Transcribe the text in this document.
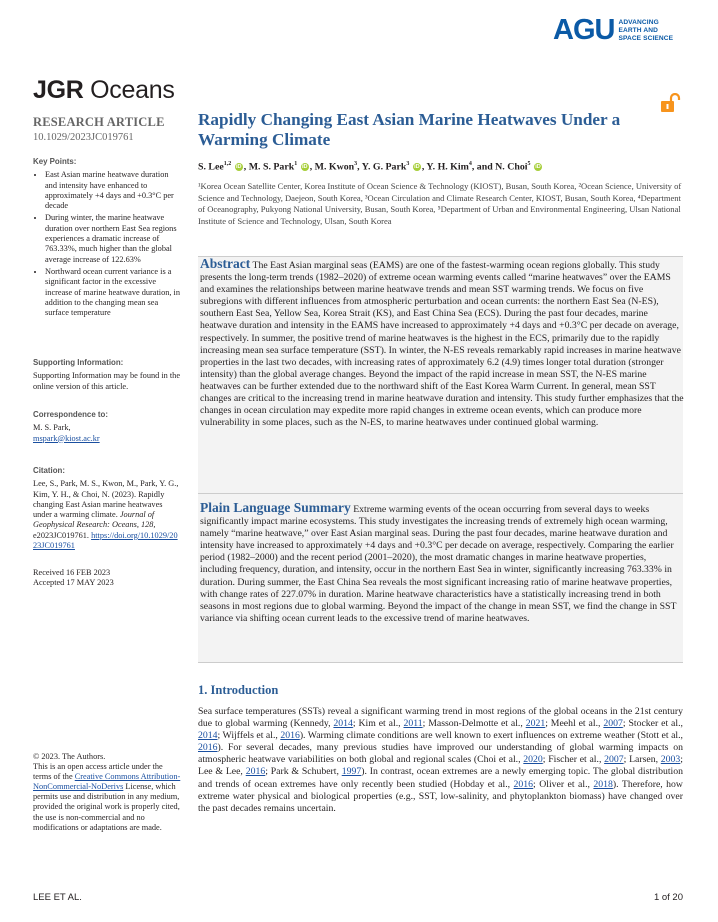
AGU ADVANCING
EARTH AND
SPACE SCIENCE
JGR Oceans
RESEARCH ARTICLE
10.1029/2023JC019761
Key Points:
• East Asian marine heatwave duration and intensity have enhanced to approximately +4 days and +0.3°C per decade
• During winter, the marine heatwave duration over northern East Sea regions experiences a dramatic increase of 763.33%, much higher than the global average increase of 122.63%
• Northward ocean current variance is a significant factor in the excessive increase of marine heatwave duration, in addition to the changing mean sea surface temperature
Supporting Information:
Supporting Information may be found in the online version of this article.
Correspondence to:
M. S. Park,
mspark@kiost.ac.kr
Citation:
Lee, S., Park, M. S., Kwon, M., Park, Y. G., Kim, Y. H., & Choi, N. (2023). Rapidly changing East Asian marine heatwaves under a warming climate. Journal of Geophysical Research: Oceans, 128, e2023JC019761. https://doi.org/10.1029/2023JC019761
Received 16 FEB 2023
Accepted 17 MAY 2023
© 2023. The Authors.
This is an open access article under the terms of the Creative Commons Attribution-NonCommercial-NoDerivs License, which permits use and distribution in any medium, provided the original work is properly cited, the use is non-commercial and no modifications or adaptations are made.
Rapidly Changing East Asian Marine Heatwaves Under a Warming Climate
S. Lee$^{1,2}$ iD , M. S. Park$^1$ iD , M. Kwon$^3$, Y. G. Park$^3$ iD , Y. H. Kim$^4$, and N. Choi$^5$ iD
¹Korea Ocean Satellite Center, Korea Institute of Ocean Science & Technology (KIOST), Busan, South Korea, ²Ocean Science, University of Science and Technology, Daejeon, South Korea, ³Ocean Circulation and Climate Research Center, KIOST, Busan, South Korea, ⁴Department of Oceanography, Pukyong National University, Busan, South Korea, ⁵Department of Urban and Environmental Engineering, Ulsan National Institute of Science and Technology, Ulsan, South Korea
Abstract The East Asian marginal seas (EAMS) are one of the fastest-warming ocean regions globally. This study presents the long-term trends (1982–2020) of extreme ocean warming events called “marine heatwaves” over the EAMS and examines the relationships between marine heatwave trends and mean SST warming trends. We focus on five subregions with different influences from atmospheric perturbation and ocean currents: the northern East Sea (N-ES), southern East Sea, Yellow Sea, Korea Strait (KS), and East China Sea (ECS). During the past four decades, marine heatwave duration and intensity in the EAMS have increased to approximately +4 days and +0.3°C per decade on average, respectively. In summer, the positive trend of marine heatwaves is the highest in the ECS, primarily due to the rapidly increasing mean sea surface temperature (SST). In winter, the N-ES reveals remarkably rapid increases in marine heatwave properties in the last two decades, with increasing rates of approximately 6.2 (4.9) times longer total duration (stronger intensity) than the global average changes. Beyond the impact of the rapid increase in mean SST, the N-ES marine heatwaves can be further extended due to the northward shift of the East Korea Warm Current. In general, mean SST changes are critical to the increasing trend in marine heatwave duration and intensity. This study further emphasizes that the changes in ocean circulation may expedite more rapid changes in extreme ocean events, which can produce more vulnerability in some places, such as the N-ES, to marine heatwaves under continued global warming.
Plain Language Summary Extreme warming events of the ocean occurring from several days to weeks significantly impact marine ecosystems. This study investigates the increasing trends of extremely high ocean warming, namely “marine heatwave,” over East Asian marginal seas. During the past four decades, marine heatwave duration and intensity have increased to approximately +4 days and +0.3°C per decade on average, respectively. Comparing the earlier period (1982–2000) and the recent period (2001–2020), the most dramatic changes in marine heatwave properties, including frequency, duration, and intensity, occur in the northern East Sea in winter, significantly increasing 763.33% in duration. During summer, the East China Sea reveals the most significant increasing ratio of marine heatwave properties, with change rates of 227.07% in duration. Marine heatwave characteristics have a statistically increasing trend in both seasons in most regions due to global warming. Beyond the impact of the change in mean SST, we find the change in SST variance via shifting ocean current leads to the excessive trend of marine heatwaves.
1. Introduction
Sea surface temperatures (SSTs) reveal a significant warming trend in most regions of the global oceans in the 21st century due to global warming (Kennedy, 2014; Kim et al., 2011; Masson-Delmotte et al., 2021; Meehl et al., 2007; Stocker et al., 2014; Wijffels et al., 2016). Warming climate conditions are well known to exert influences on extreme weather (Stott et al., 2016). For several decades, many previous studies have improved our understanding of global warming impacts on atmospheric heatwave variabilities on both global and regional scales (Choi et al., 2020; Fischer et al., 2007; Larsen, 2003; Lee & Lee, 2016; Park & Schubert, 1997). In contrast, ocean extremes are a newly emerging topic. The global distribution and trends of ocean extremes have only recently been studied (Hobday et al., 2016; Oliver et al., 2018). Therefore, how extreme water physical and biological properties (e.g., SST, low-salinity, and phytoplankton biomass) have changed over the past decades remains uncertain.
LEE ET AL.	1 of 20
